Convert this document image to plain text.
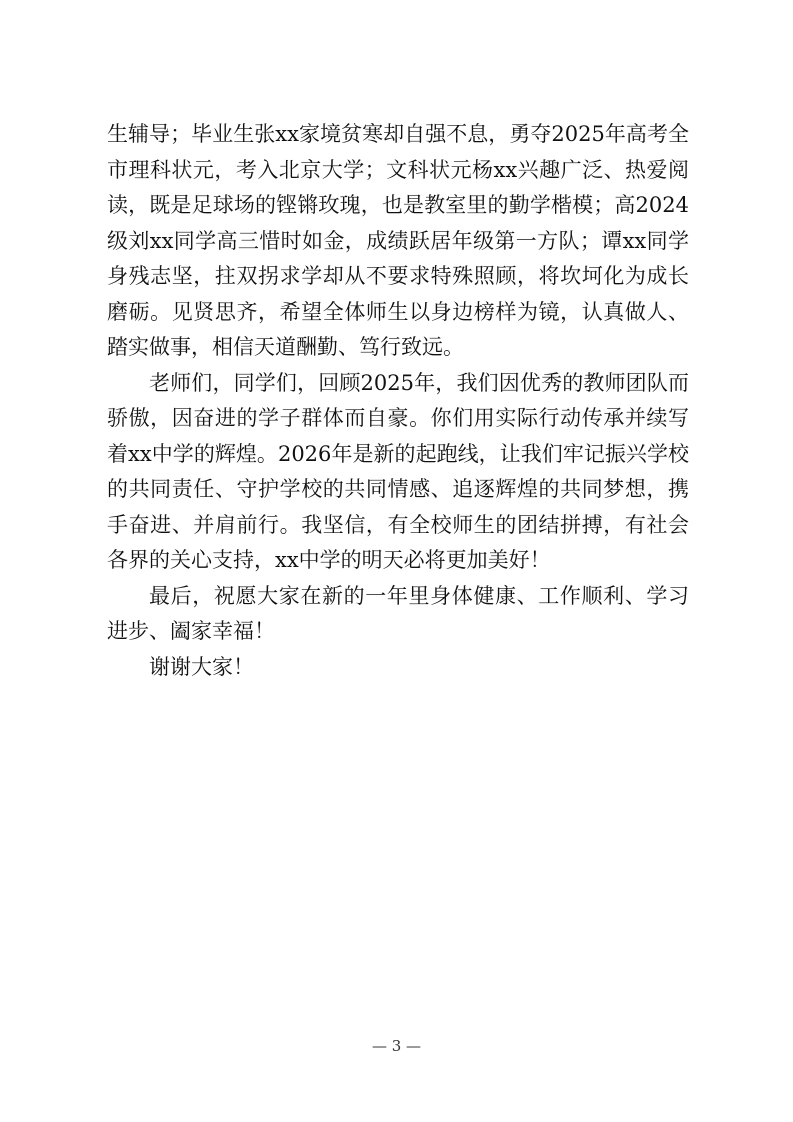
生辅导；毕业生张xx家境贫寒却自强不息，勇夺2025年高考全市理科状元，考入北京大学；文科状元杨xx兴趣广泛、热爱阅读，既是足球场的铿锵玫瑰，也是教室里的勤学楷模；高2024级刘xx同学高三惜时如金，成绩跃居年级第一方队；谭xx同学身残志坚，拄双拐求学却从不要求特殊照顾，将坎坷化为成长磨砺。见贤思齐，希望全体师生以身边榜样为镜，认真做人、踏实做事，相信天道酬勤、笃行致远。

老师们，同学们，回顾2025年，我们因优秀的教师团队而骄傲，因奋进的学子群体而自豪。你们用实际行动传承并续写着xx中学的辉煌。2026年是新的起跑线，让我们牢记振兴学校的共同责任、守护学校的共同情感、追逐辉煌的共同梦想，携手奋进、并肩前行。我坚信，有全校师生的团结拼搏，有社会各界的关心支持，xx中学的明天必将更加美好！

最后，祝愿大家在新的一年里身体健康、工作顺利、学习进步、阖家幸福！

谢谢大家！

— 3 —
